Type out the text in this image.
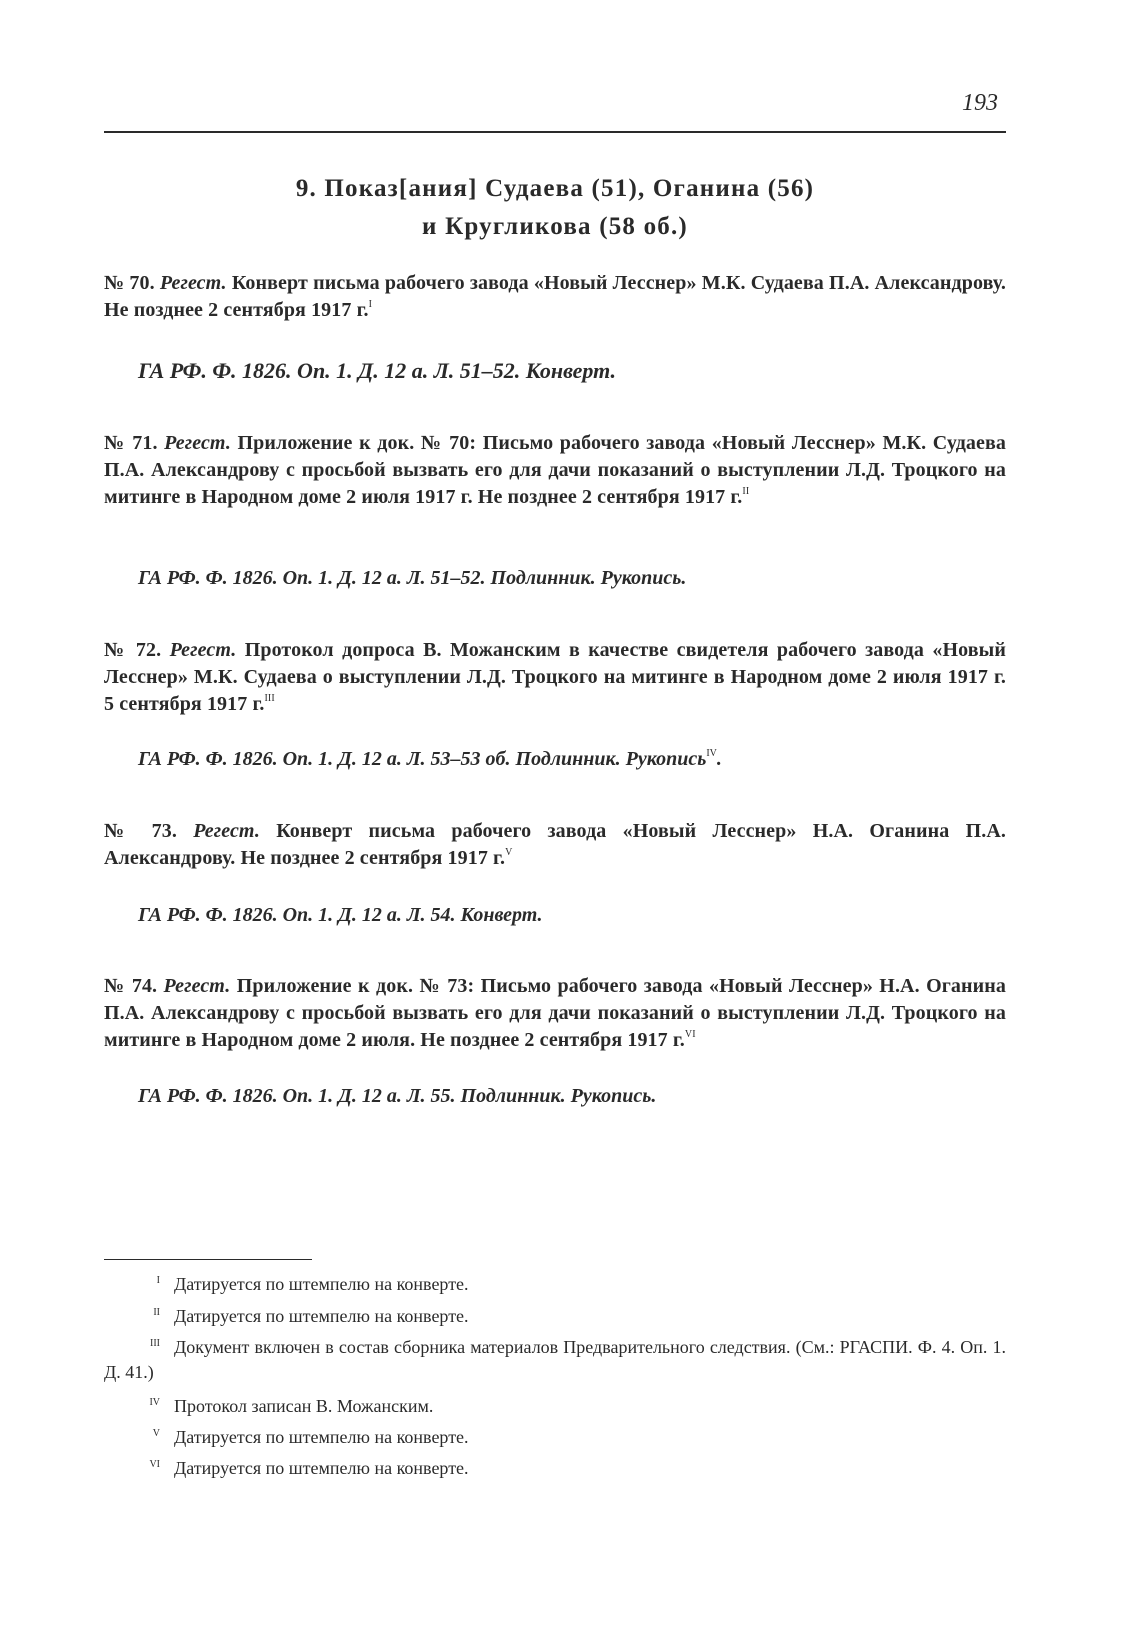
193
9. Показ[ания] Судаева (51), Оганина (56)
и Кругликова (58 об.)
№ 70. Регест. Конверт письма рабочего завода «Новый Лесснер» М.К. Судаева П.А. Александрову. Не позднее 2 сентября 1917 г.$^I$
ГА РФ. Ф. 1826. Оп. 1. Д. 12 а. Л. 51–52. Конверт.
№ 71. Регест. Приложение к док. № 70: Письмо рабочего завода «Новый Лесснер» М.К. Судаева П.А. Александрову с просьбой вызвать его для дачи показаний о выступлении Л.Д. Троцкого на митинге в Народном доме 2 июля 1917 г. Не позднее 2 сентября 1917 г.$^{II}$
ГА РФ. Ф. 1826. Оп. 1. Д. 12 а. Л. 51–52. Подлинник. Рукопись.
№ 72. Регест. Протокол допроса В. Можанским в качестве свидетеля рабочего завода «Новый Лесснер» М.К. Судаева о выступлении Л.Д. Троцкого на митинге в Народном доме 2 июля 1917 г. 5 сентября 1917 г.$^{III}$
ГА РФ. Ф. 1826. Оп. 1. Д. 12 а. Л. 53–53 об. Подлинник. Рукопись$^{IV}$.
№ 73. Регест. Конверт письма рабочего завода «Новый Лесснер» Н.А. Оганина П.А. Александрову. Не позднее 2 сентября 1917 г.$^V$
ГА РФ. Ф. 1826. Оп. 1. Д. 12 а. Л. 54. Конверт.
№ 74. Регест. Приложение к док. № 73: Письмо рабочего завода «Новый Лесснер» Н.А. Оганина П.А. Александрову с просьбой вызвать его для дачи показаний о выступлении Л.Д. Троцкого на митинге в Народном доме 2 июля. Не позднее 2 сентября 1917 г.$^{VI}$
ГА РФ. Ф. 1826. Оп. 1. Д. 12 а. Л. 55. Подлинник. Рукопись.
I Датируется по штемпелю на конверте.
II Датируется по штемпелю на конверте.
III Документ включен в состав сборника материалов Предварительного следствия. (См.: РГАСПИ. Ф. 4. Оп. 1. Д. 41.)
IV Протокол записан В. Можанским.
V Датируется по штемпелю на конверте.
VI Датируется по штемпелю на конверте.
